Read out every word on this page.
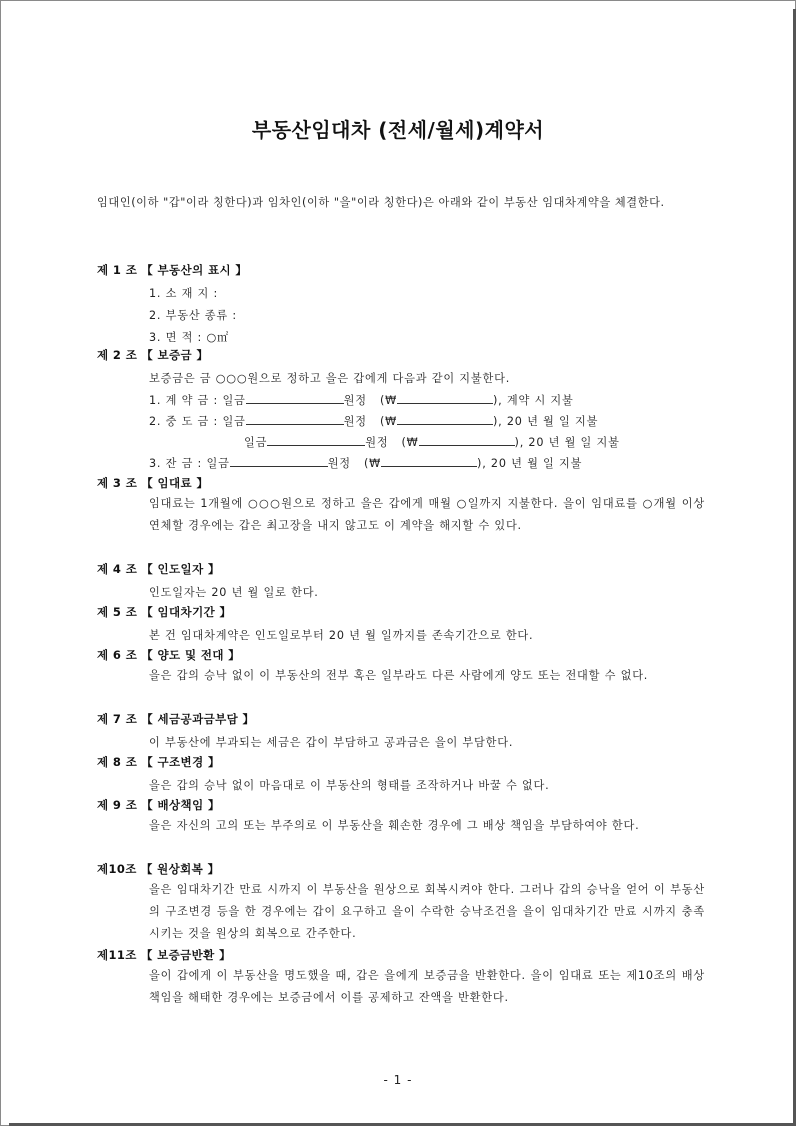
부동산임대차 (전세/월세)계약서
임대인(이하 "갑"이라 칭한다)과 임차인(이하 "을"이라 칭한다)은 아래와 같이 부동산 임대차계약을 체결한다.
제 1 조 【 부동산의 표시 】
1. 소 재 지 :
2. 부동산 종류 :
3. 면 적 : ○㎡
제 2 조 【 보증금 】
보증금은 금 ○○○원으로 정하고 을은 갑에게 다음과 같이 지불한다.
1. 계 약 금 : 일금	원정 (₩	), 계약 시 지불
2. 중 도 금 : 일금	원정 (₩	), 20 년 월 일 지불
일금	원정 (₩	), 20 년 월 일 지불
3. 잔 금 : 일금	원정 (₩	), 20 년 월 일 지불
제 3 조 【 임대료 】
임대료는 1개월에 ○○○원으로 정하고 을은 갑에게 매월 ○일까지 지불한다. 을이 임대료를 ○개월 이상 연체할 경우에는 갑은 최고장을 내지 않고도 이 계약을 해지할 수 있다.
제 4 조 【 인도일자 】
인도일자는 20 년 월 일로 한다.
제 5 조 【 임대차기간 】
본 건 임대차계약은 인도일로부터 20 년 월 일까지를 존속기간으로 한다.
제 6 조 【 양도 및 전대 】
을은 갑의 승낙 없이 이 부동산의 전부 혹은 일부라도 다른 사람에게 양도 또는 전대할 수 없다.
제 7 조 【 세금공과금부담 】
이 부동산에 부과되는 세금은 갑이 부담하고 공과금은 을이 부담한다.
제 8 조 【 구조변경 】
을은 갑의 승낙 없이 마음대로 이 부동산의 형태를 조작하거나 바꿀 수 없다.
제 9 조 【 배상책임 】
을은 자신의 고의 또는 부주의로 이 부동산을 훼손한 경우에 그 배상 책임을 부담하여야 한다.
제10조 【 원상회복 】
을은 임대차기간 만료 시까지 이 부동산을 원상으로 회복시켜야 한다. 그러나 갑의 승낙을 얻어 이 부동산의 구조변경 등을 한 경우에는 갑이 요구하고 을이 수락한 승낙조건을 을이 임대차기간 만료 시까지 충족시키는 것을 원상의 회복으로 간주한다.
제11조 【 보증금반환 】
을이 갑에게 이 부동산을 명도했을 때, 갑은 을에게 보증금을 반환한다. 을이 임대료 또는 제10조의 배상책임을 해태한 경우에는 보증금에서 이를 공제하고 잔액을 반환한다.
- 1 -
